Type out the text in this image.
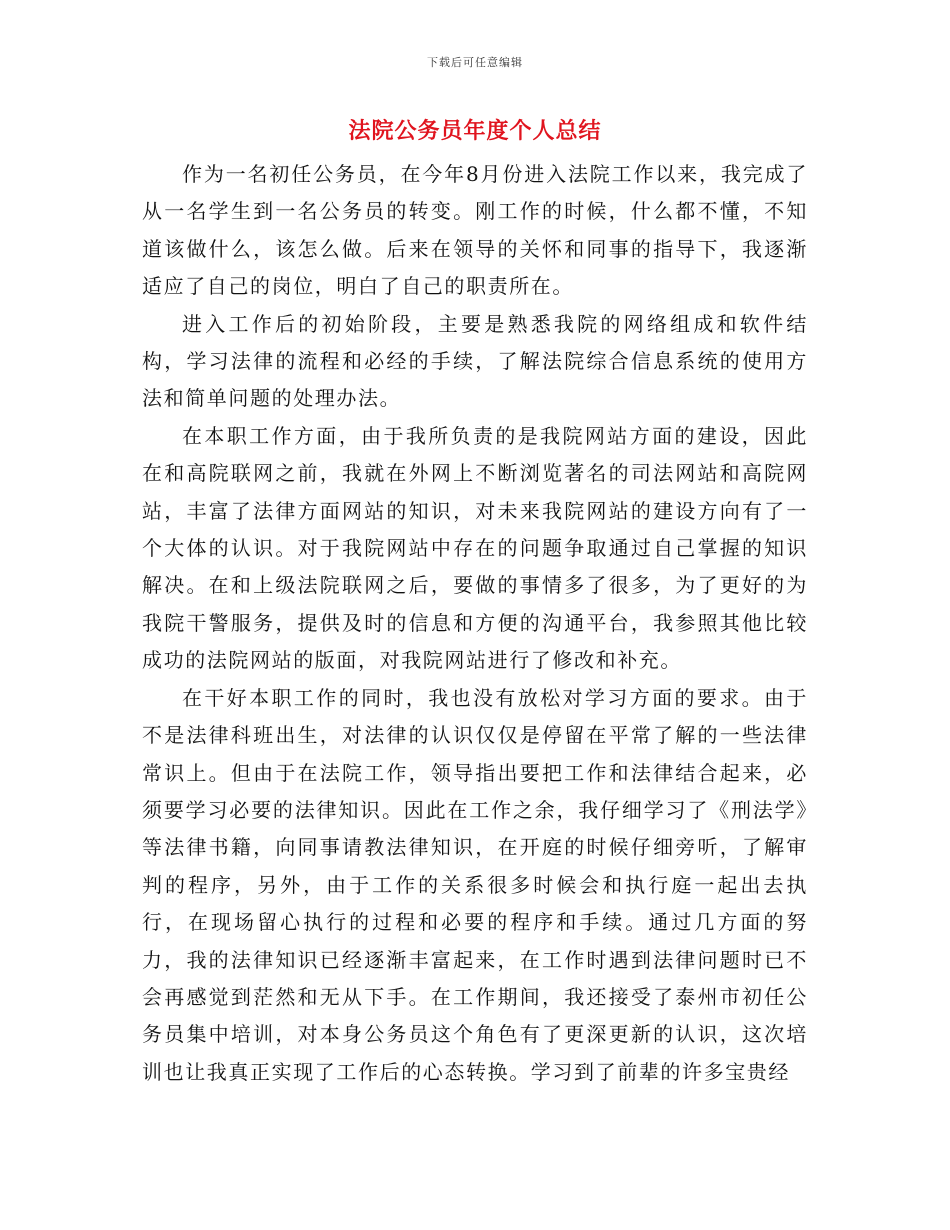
下载后可任意编辑
法院公务员年度个人总结

作为一名初任公务员，在今年8月份进入法院工作以来，我完成了从一名学生到一名公务员的转变。刚工作的时候，什么都不懂，不知道该做什么，该怎么做。后来在领导的关怀和同事的指导下，我逐渐适应了自己的岗位，明白了自己的职责所在。

进入工作后的初始阶段，主要是熟悉我院的网络组成和软件结构，学习法律的流程和必经的手续，了解法院综合信息系统的使用方法和简单问题的处理办法。

在本职工作方面，由于我所负责的是我院网站方面的建设，因此在和高院联网之前，我就在外网上不断浏览著名的司法网站和高院网站，丰富了法律方面网站的知识，对未来我院网站的建设方向有了一个大体的认识。对于我院网站中存在的问题争取通过自己掌握的知识解决。在和上级法院联网之后，要做的事情多了很多，为了更好的为我院干警服务，提供及时的信息和方便的沟通平台，我参照其他比较成功的法院网站的版面，对我院网站进行了修改和补充。

在干好本职工作的同时，我也没有放松对学习方面的要求。由于不是法律科班出生，对法律的认识仅仅是停留在平常了解的一些法律常识上。但由于在法院工作，领导指出要把工作和法律结合起来，必须要学习必要的法律知识。因此在工作之余，我仔细学习了《刑法学》等法律书籍，向同事请教法律知识，在开庭的时候仔细旁听，了解审判的程序，另外，由于工作的关系很多时候会和执行庭一起出去执行，在现场留心执行的过程和必要的程序和手续。通过几方面的努力，我的法律知识已经逐渐丰富起来，在工作时遇到法律问题时已不会再感觉到茫然和无从下手。在工作期间，我还接受了泰州市初任公务员集中培训，对本身公务员这个角色有了更深更新的认识，这次培训也让我真正实现了工作后的心态转换。学习到了前辈的许多宝贵经
